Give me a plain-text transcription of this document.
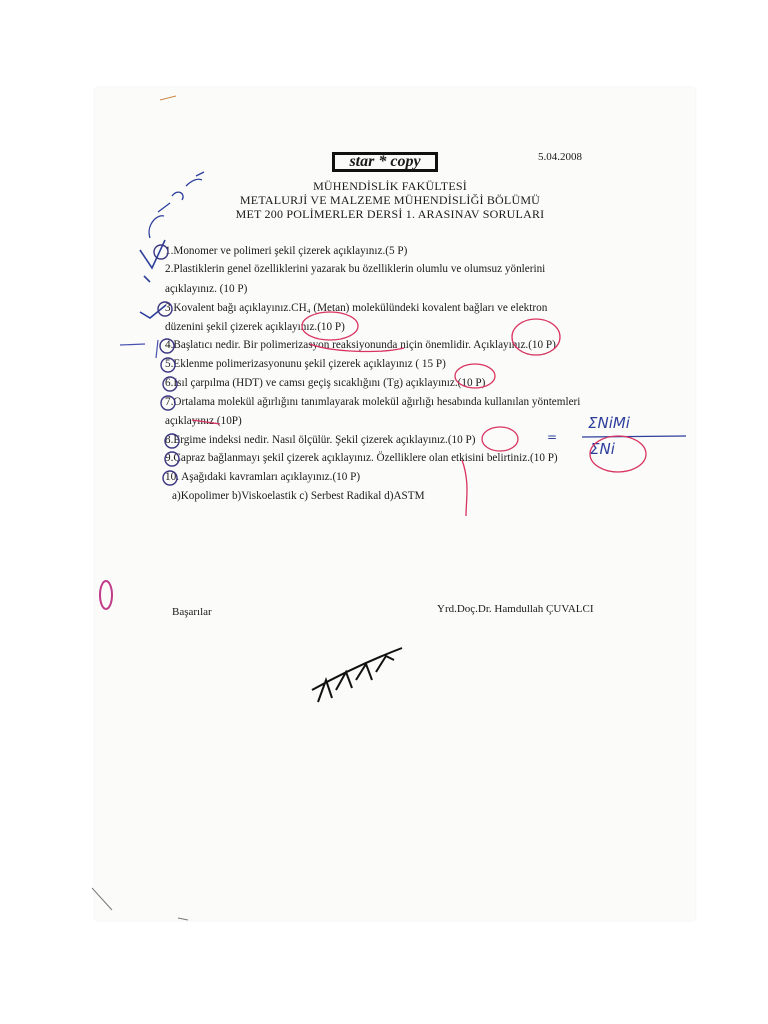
star * copy	5.04.2008
MÜHENDİSLİK FAKÜLTESİ
METALURJİ VE MALZEME MÜHENDİSLİĞİ BÖLÜMÜ
MET 200 POLİMERLER DERSİ 1. ARASINAV SORULARI
1.Monomer ve polimeri şekil çizerek açıklayınız.(5 P)
2.Plastiklerin genel özelliklerini yazarak bu özelliklerin olumlu ve olumsuz yönlerini
açıklayınız. (10 P)
3.Kovalent bağı açıklayınız.CH₄ (Metan) molekülündeki kovalent bağları ve elektron
düzenini şekil çizerek açıklayınız.(10 P)
4.Başlatıcı nedir. Bir polimerizasyon reaksiyonunda niçin önemlidir. Açıklayınız.(10 P)
5.Eklenme polimerizasyonunu şekil çizerek açıklayınız ( 15 P)
6.Isıl çarpılma (HDT) ve camsı geçiş sıcaklığını (Tg) açıklayınız.(10 P)
7.Ortalama molekül ağırlığını tanımlayarak molekül ağırlığı hesabında kullanılan yöntemleri
açıklayınız.(10P)
8.Ergime indeksi nedir. Nasıl ölçülür. Şekil çizerek açıklayınız.(10 P)
9.Çapraz bağlanmayı şekil çizerek açıklayınız. Özelliklere olan etkisini belirtiniz.(10 P)
10. Aşağıdaki kavramları açıklayınız.(10 P)
a)Kopolimer b)Viskoelastik c) Serbest Radikal d)ASTM
Başarılar	Yrd.Doç.Dr. Hamdullah ÇUVALCI
ΣNiMi
ΣNi
=
